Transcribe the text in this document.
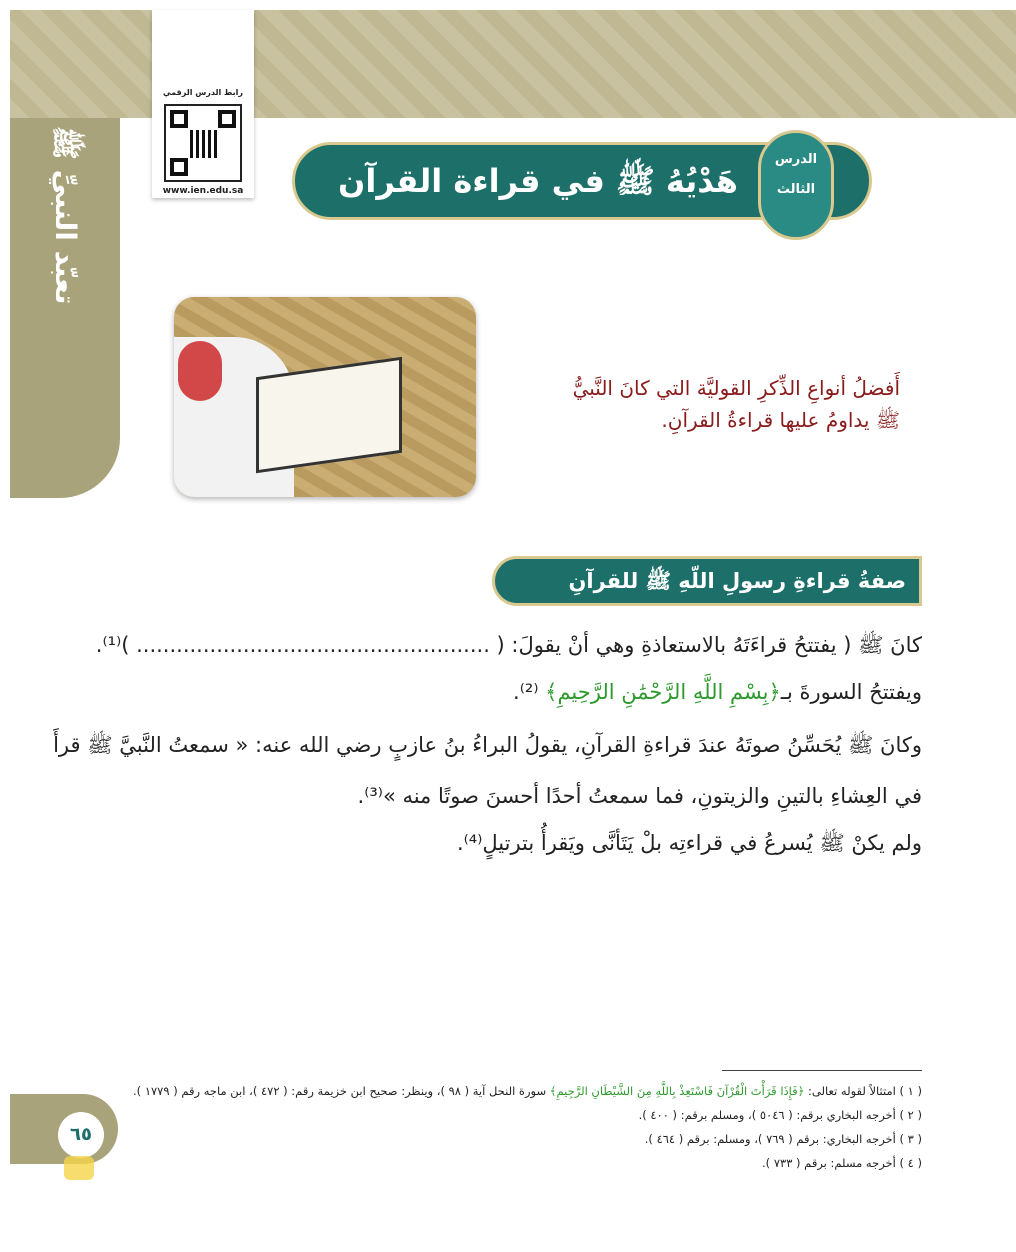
تعبّد النبيِّ ﷺ
رابط الدرس الرقمي
www.ien.edu.sa	هَدْيُهُ ﷺ في قراءة القرآن
الدرس
الثالث
أَفضلُ أنواعِ الذِّكرِ القوليَّة التي كانَ النَّبيُّ ﷺ يداومُ عليها قراءةُ القرآنِ.
صفةُ قراءةِ رسولِ اللّهِ ﷺ للقرآنِ
كانَ ﷺ ( يفتتحُ قراءَتَهُ بالاستعاذةِ وهي أنْ يقولَ: ( ..................................................... )⁽¹⁾.
ويفتتحُ السورةَ بـ﴿بِسْمِ اللَّهِ الرَّحْمَٰنِ الرَّحِيمِ﴾ ⁽²⁾.
وكانَ ﷺ يُحَسِّنُ صوتَهُ عندَ قراءةِ القرآنِ، يقولُ البراءُ بنُ عازبٍ رضي الله عنه: « سمعتُ النَّبيَّ ﷺ قرأَ
في العِشاءِ بالتينِ والزيتونِ، فما سمعتُ أحدًا أحسنَ صوتًا منه »⁽³⁾.
ولم يكنْ ﷺ يُسرعُ في قراءتِه بلْ يَتَأنَّى ويَقرأُ بترتيلٍ⁽⁴⁾.
( ١ ) امتثالاً لقوله تعالى: ﴿فَإِذَا قَرَأْتَ الْقُرْآنَ فَاسْتَعِذْ بِاللَّهِ مِنَ الشَّيْطَانِ الرَّجِيمِ﴾ سورة النحل آية ( ٩٨ )، وينظر: صحيح ابن خزيمة رقم: ( ٤٧٢ )، ابن ماجه رقم ( ١٧٧٩ ).
( ٢ ) أخرجه البخاري برقم: ( ٥٠٤٦ )، ومسلم برقم: ( ٤٠٠ ).
( ٣ ) أخرجه البخاري: برقم ( ٧٦٩ )، ومسلم: برقم ( ٤٦٤ ).
( ٤ ) أخرجه مسلم: برقم ( ٧٣٣ ).
٦٥
